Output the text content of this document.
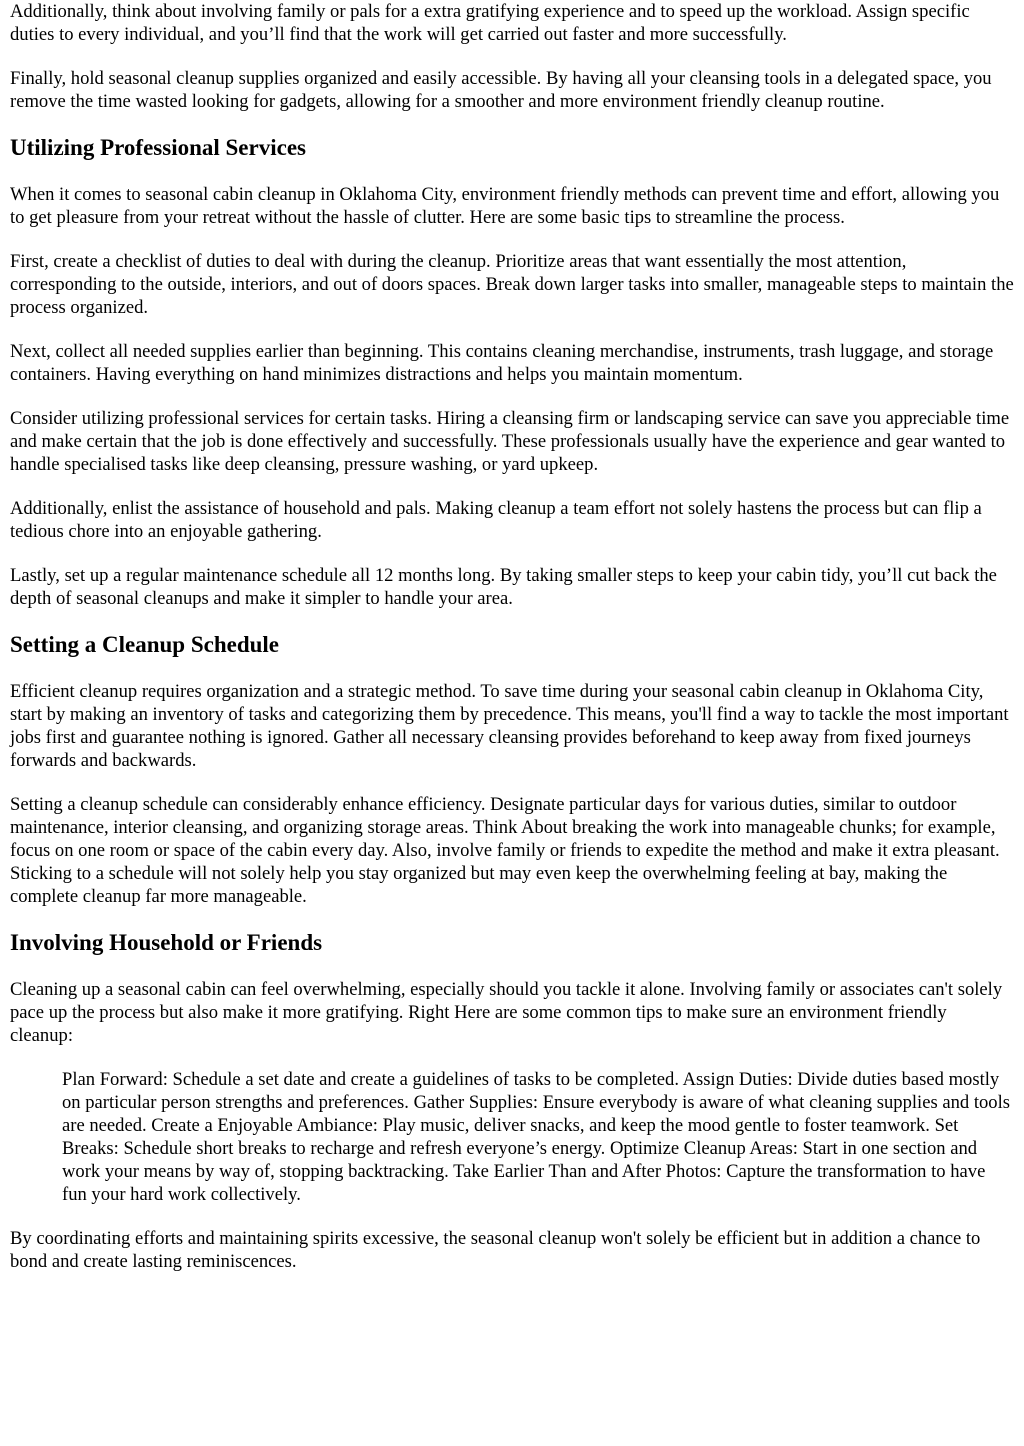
Additionally, think about involving family or pals for a extra gratifying experience and to speed up the workload. Assign specific duties to every individual, and you’ll find that the work will get carried out faster and more successfully.

Finally, hold seasonal cleanup supplies organized and easily accessible. By having all your cleansing tools in a delegated space, you remove the time wasted looking for gadgets, allowing for a smoother and more environment friendly cleanup routine.

Utilizing Professional Services

When it comes to seasonal cabin cleanup in Oklahoma City, environment friendly methods can prevent time and effort, allowing you to get pleasure from your retreat without the hassle of clutter. Here are some basic tips to streamline the process.

First, create a checklist of duties to deal with during the cleanup. Prioritize areas that want essentially the most attention, corresponding to the outside, interiors, and out of doors spaces. Break down larger tasks into smaller, manageable steps to maintain the process organized.

Next, collect all needed supplies earlier than beginning. This contains cleaning merchandise, instruments, trash luggage, and storage containers. Having everything on hand minimizes distractions and helps you maintain momentum.

Consider utilizing professional services for certain tasks. Hiring a cleansing firm or landscaping service can save you appreciable time and make certain that the job is done effectively and successfully. These professionals usually have the experience and gear wanted to handle specialised tasks like deep cleansing, pressure washing, or yard upkeep.

Additionally, enlist the assistance of household and pals. Making cleanup a team effort not solely hastens the process but can flip a tedious chore into an enjoyable gathering.

Lastly, set up a regular maintenance schedule all 12 months long. By taking smaller steps to keep your cabin tidy, you’ll cut back the depth of seasonal cleanups and make it simpler to handle your area.

Setting a Cleanup Schedule

Efficient cleanup requires organization and a strategic method. To save time during your seasonal cabin cleanup in Oklahoma City, start by making an inventory of tasks and categorizing them by precedence. This means, you'll find a way to tackle the most important jobs first and guarantee nothing is ignored. Gather all necessary cleansing provides beforehand to keep away from fixed journeys forwards and backwards.

Setting a cleanup schedule can considerably enhance efficiency. Designate particular days for various duties, similar to outdoor maintenance, interior cleansing, and organizing storage areas. Think About breaking the work into manageable chunks; for example, focus on one room or space of the cabin every day. Also, involve family or friends to expedite the method and make it extra pleasant. Sticking to a schedule will not solely help you stay organized but may even keep the overwhelming feeling at bay, making the complete cleanup far more manageable.

Involving Household or Friends

Cleaning up a seasonal cabin can feel overwhelming, especially should you tackle it alone. Involving family or associates can't solely pace up the process but also make it more gratifying. Right Here are some common tips to make sure an environment friendly cleanup:

Plan Forward: Schedule a set date and create a guidelines of tasks to be completed. Assign Duties: Divide duties based mostly on particular person strengths and preferences. Gather Supplies: Ensure everybody is aware of what cleaning supplies and tools are needed. Create a Enjoyable Ambiance: Play music, deliver snacks, and keep the mood gentle to foster teamwork. Set Breaks: Schedule short breaks to recharge and refresh everyone’s energy. Optimize Cleanup Areas: Start in one section and work your means by way of, stopping backtracking. Take Earlier Than and After Photos: Capture the transformation to have fun your hard work collectively.

By coordinating efforts and maintaining spirits excessive, the seasonal cleanup won't solely be efficient but in addition a chance to bond and create lasting reminiscences.
